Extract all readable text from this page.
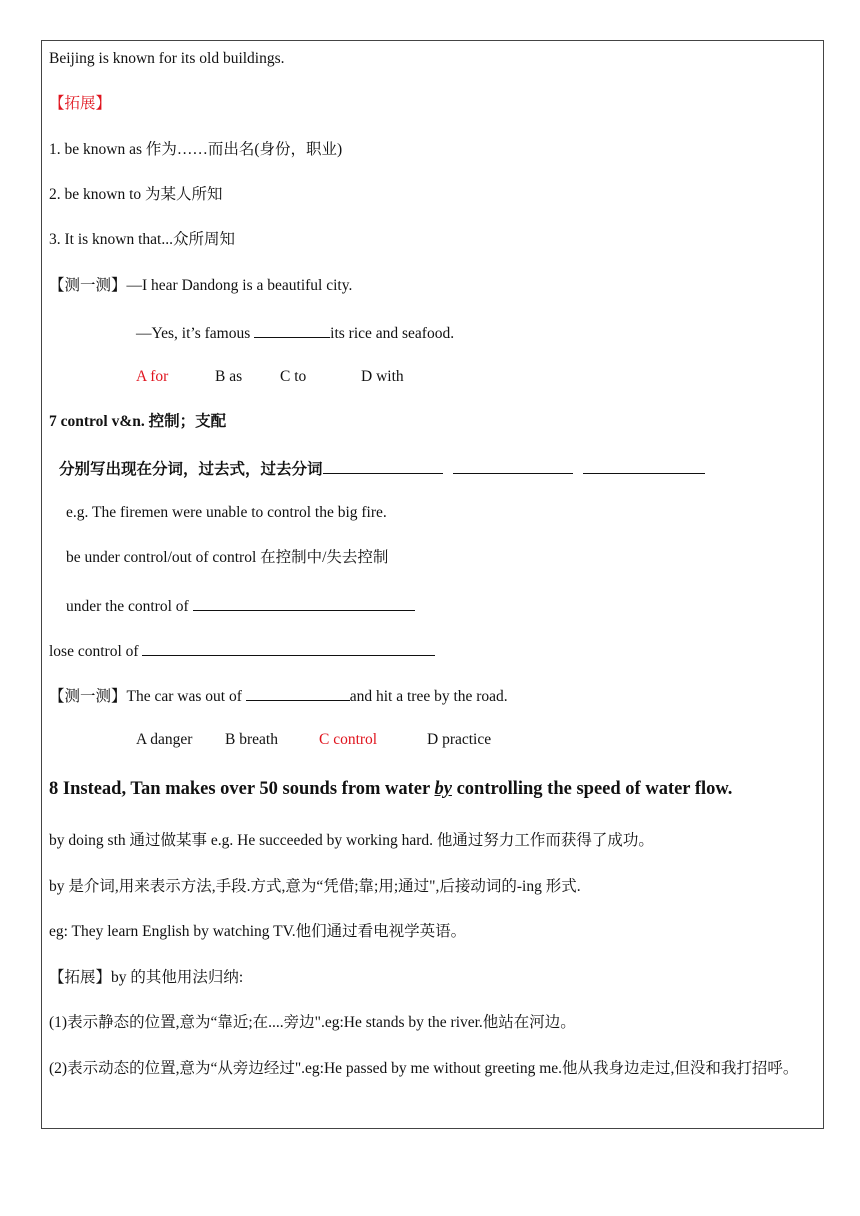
Beijing is known for its old buildings.
【拓展】
1. be known as 作为……而出名(身份，职业)
2. be known to 为某人所知
3. It is known that...众所周知
【测一测】—I hear Dandong is a beautiful city.
—Yes, it’s famous	its rice and seafood.
A for	B as C to	D with
7 control v&n. 控制；支配
分别写出现在分词，过去式，过去分词
e.g. The firemen were unable to control the big fire.
be under control/out of control 在控制中/失去控制
under the control of
lose control of
【测一测】The car was out of	and hit a tree by the road.
A danger B breath	C control	D practice
8 Instead, Tan makes over 50 sounds from water by controlling the speed of water flow.
by doing sth 通过做某事 e.g. He succeeded by working hard. 他通过努力工作而获得了成功。
by 是介词,用来表示方法,手段.方式,意为“凭借;靠;用;通过",后接动词的-ing 形式.
eg: They learn English by watching TV.他们通过看电视学英语。
【拓展】by 的其他用法归纳:
(1)表示静态的位置,意为“靠近;在....旁边".eg:He stands by the river.他站在河边。
(2)表示动态的位置,意为“从旁边经过".eg:He passed by me without greeting me.他从我身边走过,但没和我打招呼。
